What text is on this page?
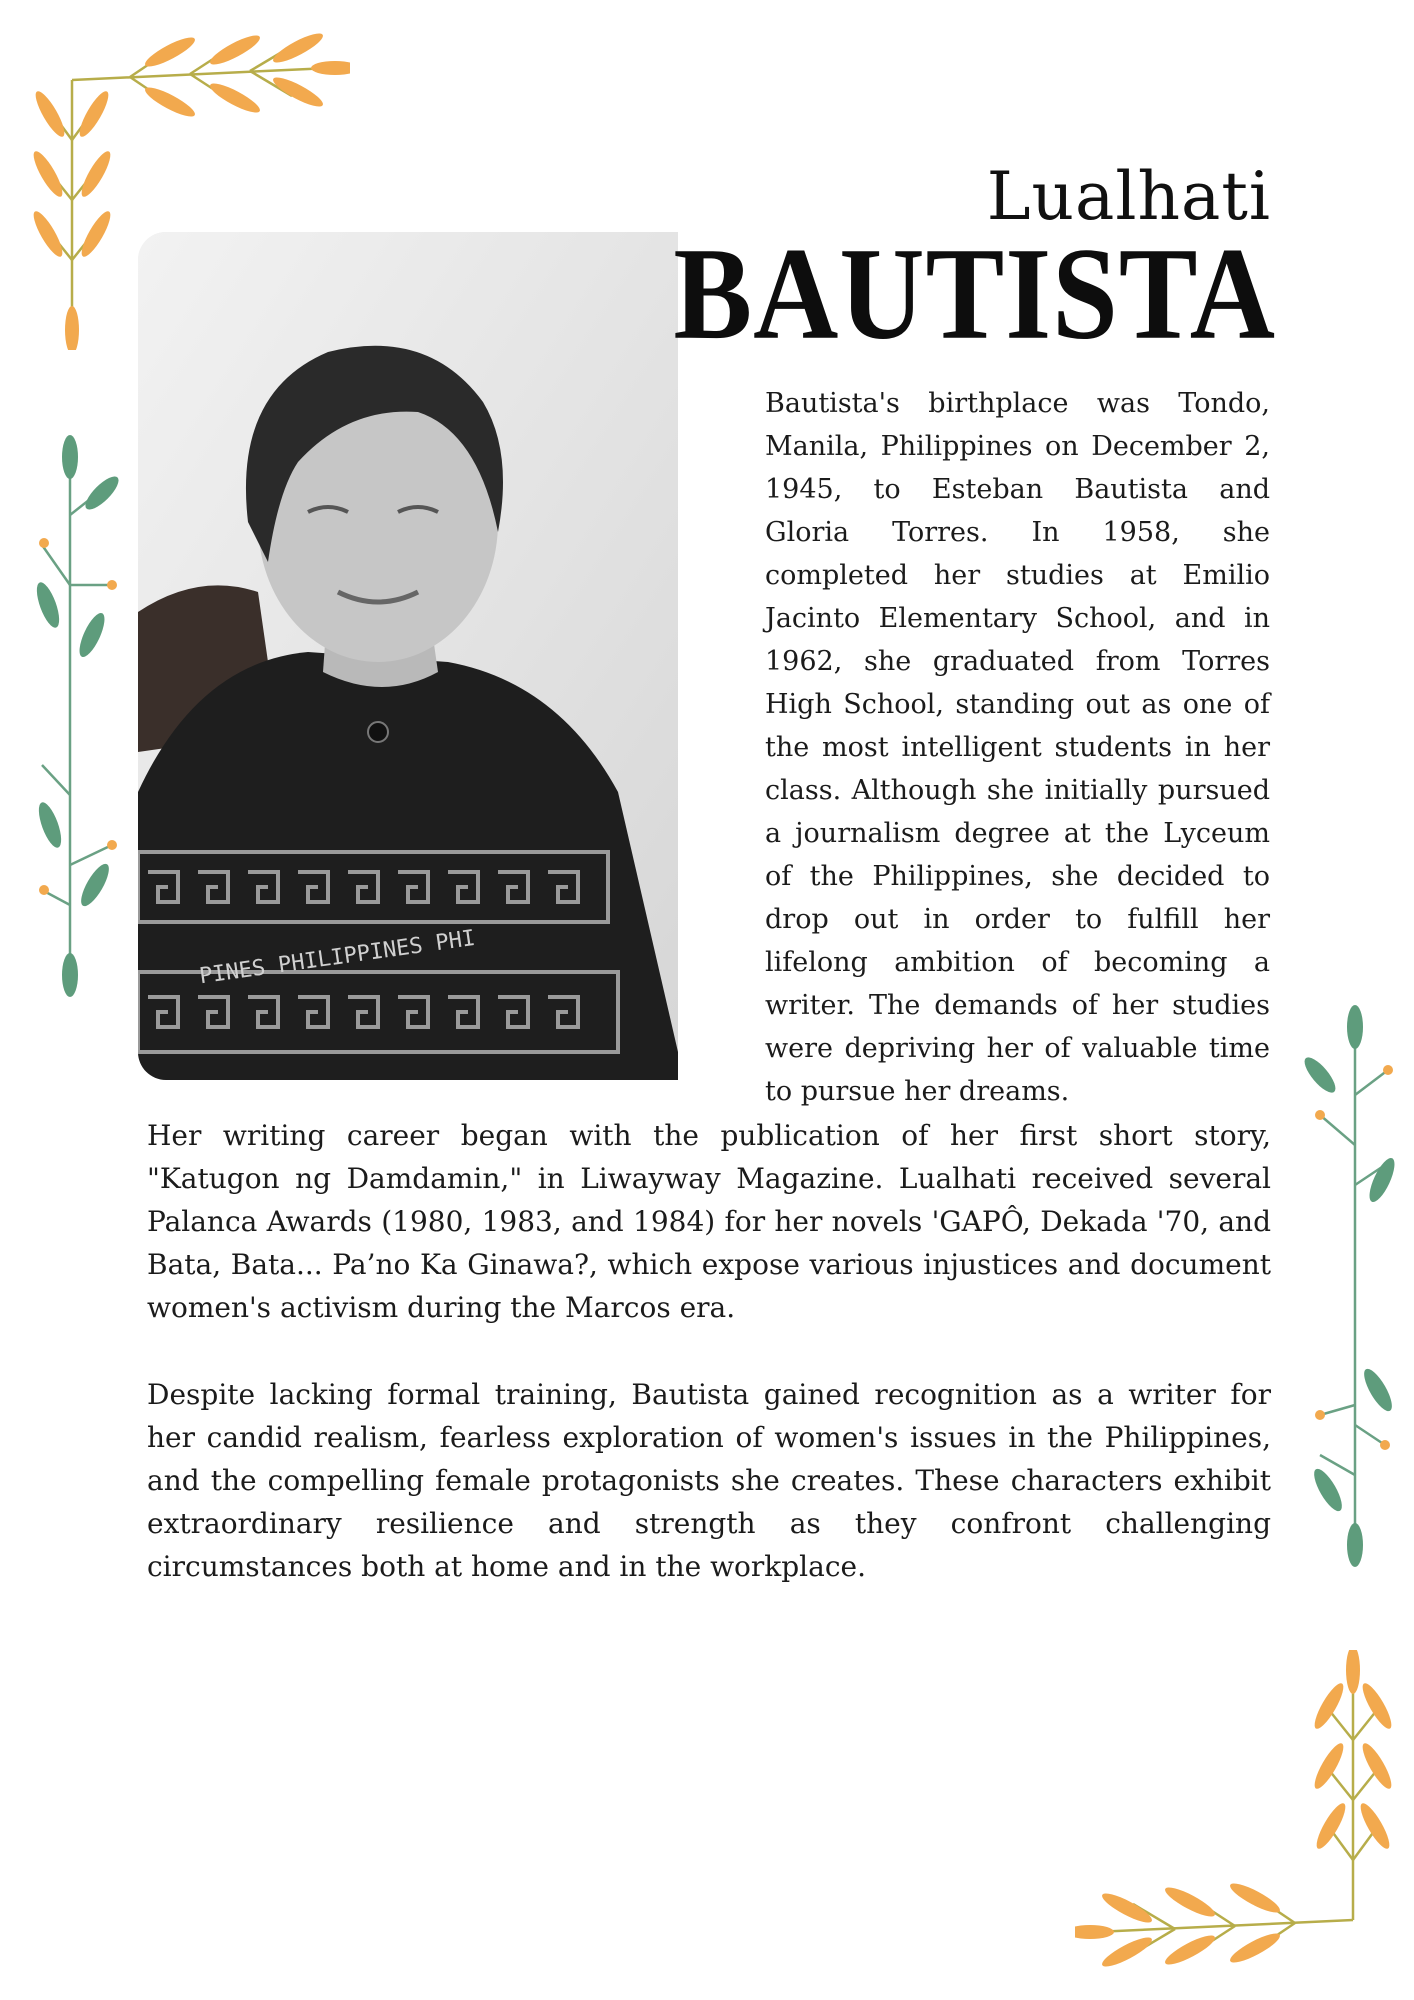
PINES PHILIPPINES PHI
Lualhati
BAUTISTA

Bautista's birthplace was Tondo, Manila, Philippines on December 2, 1945, to Esteban Bautista and Gloria Torres. In 1958, she completed her studies at Emilio Jacinto Elementary School, and in 1962, she graduated from Torres High School, standing out as one of the most intelligent students in her class. Although she initially pursued a journalism degree at the Lyceum of the Philippines, she decided to drop out in order to fulfill her lifelong ambition of becoming a writer. The demands of her studies were depriving her of valuable time to pursue her dreams.

Her writing career began with the publication of her first short story, "Katugon ng Damdamin," in Liwayway Magazine. Lualhati received several Palanca Awards (1980, 1983, and 1984) for her novels 'GAPÔ, Dekada '70, and Bata, Bata... Pa’no Ka Ginawa?, which expose various injustices and document women's activism during the Marcos era.

Despite lacking formal training, Bautista gained recognition as a writer for her candid realism, fearless exploration of women's issues in the Philippines, and the compelling female protagonists she creates. These characters exhibit extraordinary resilience and strength as they confront challenging circumstances both at home and in the workplace.
